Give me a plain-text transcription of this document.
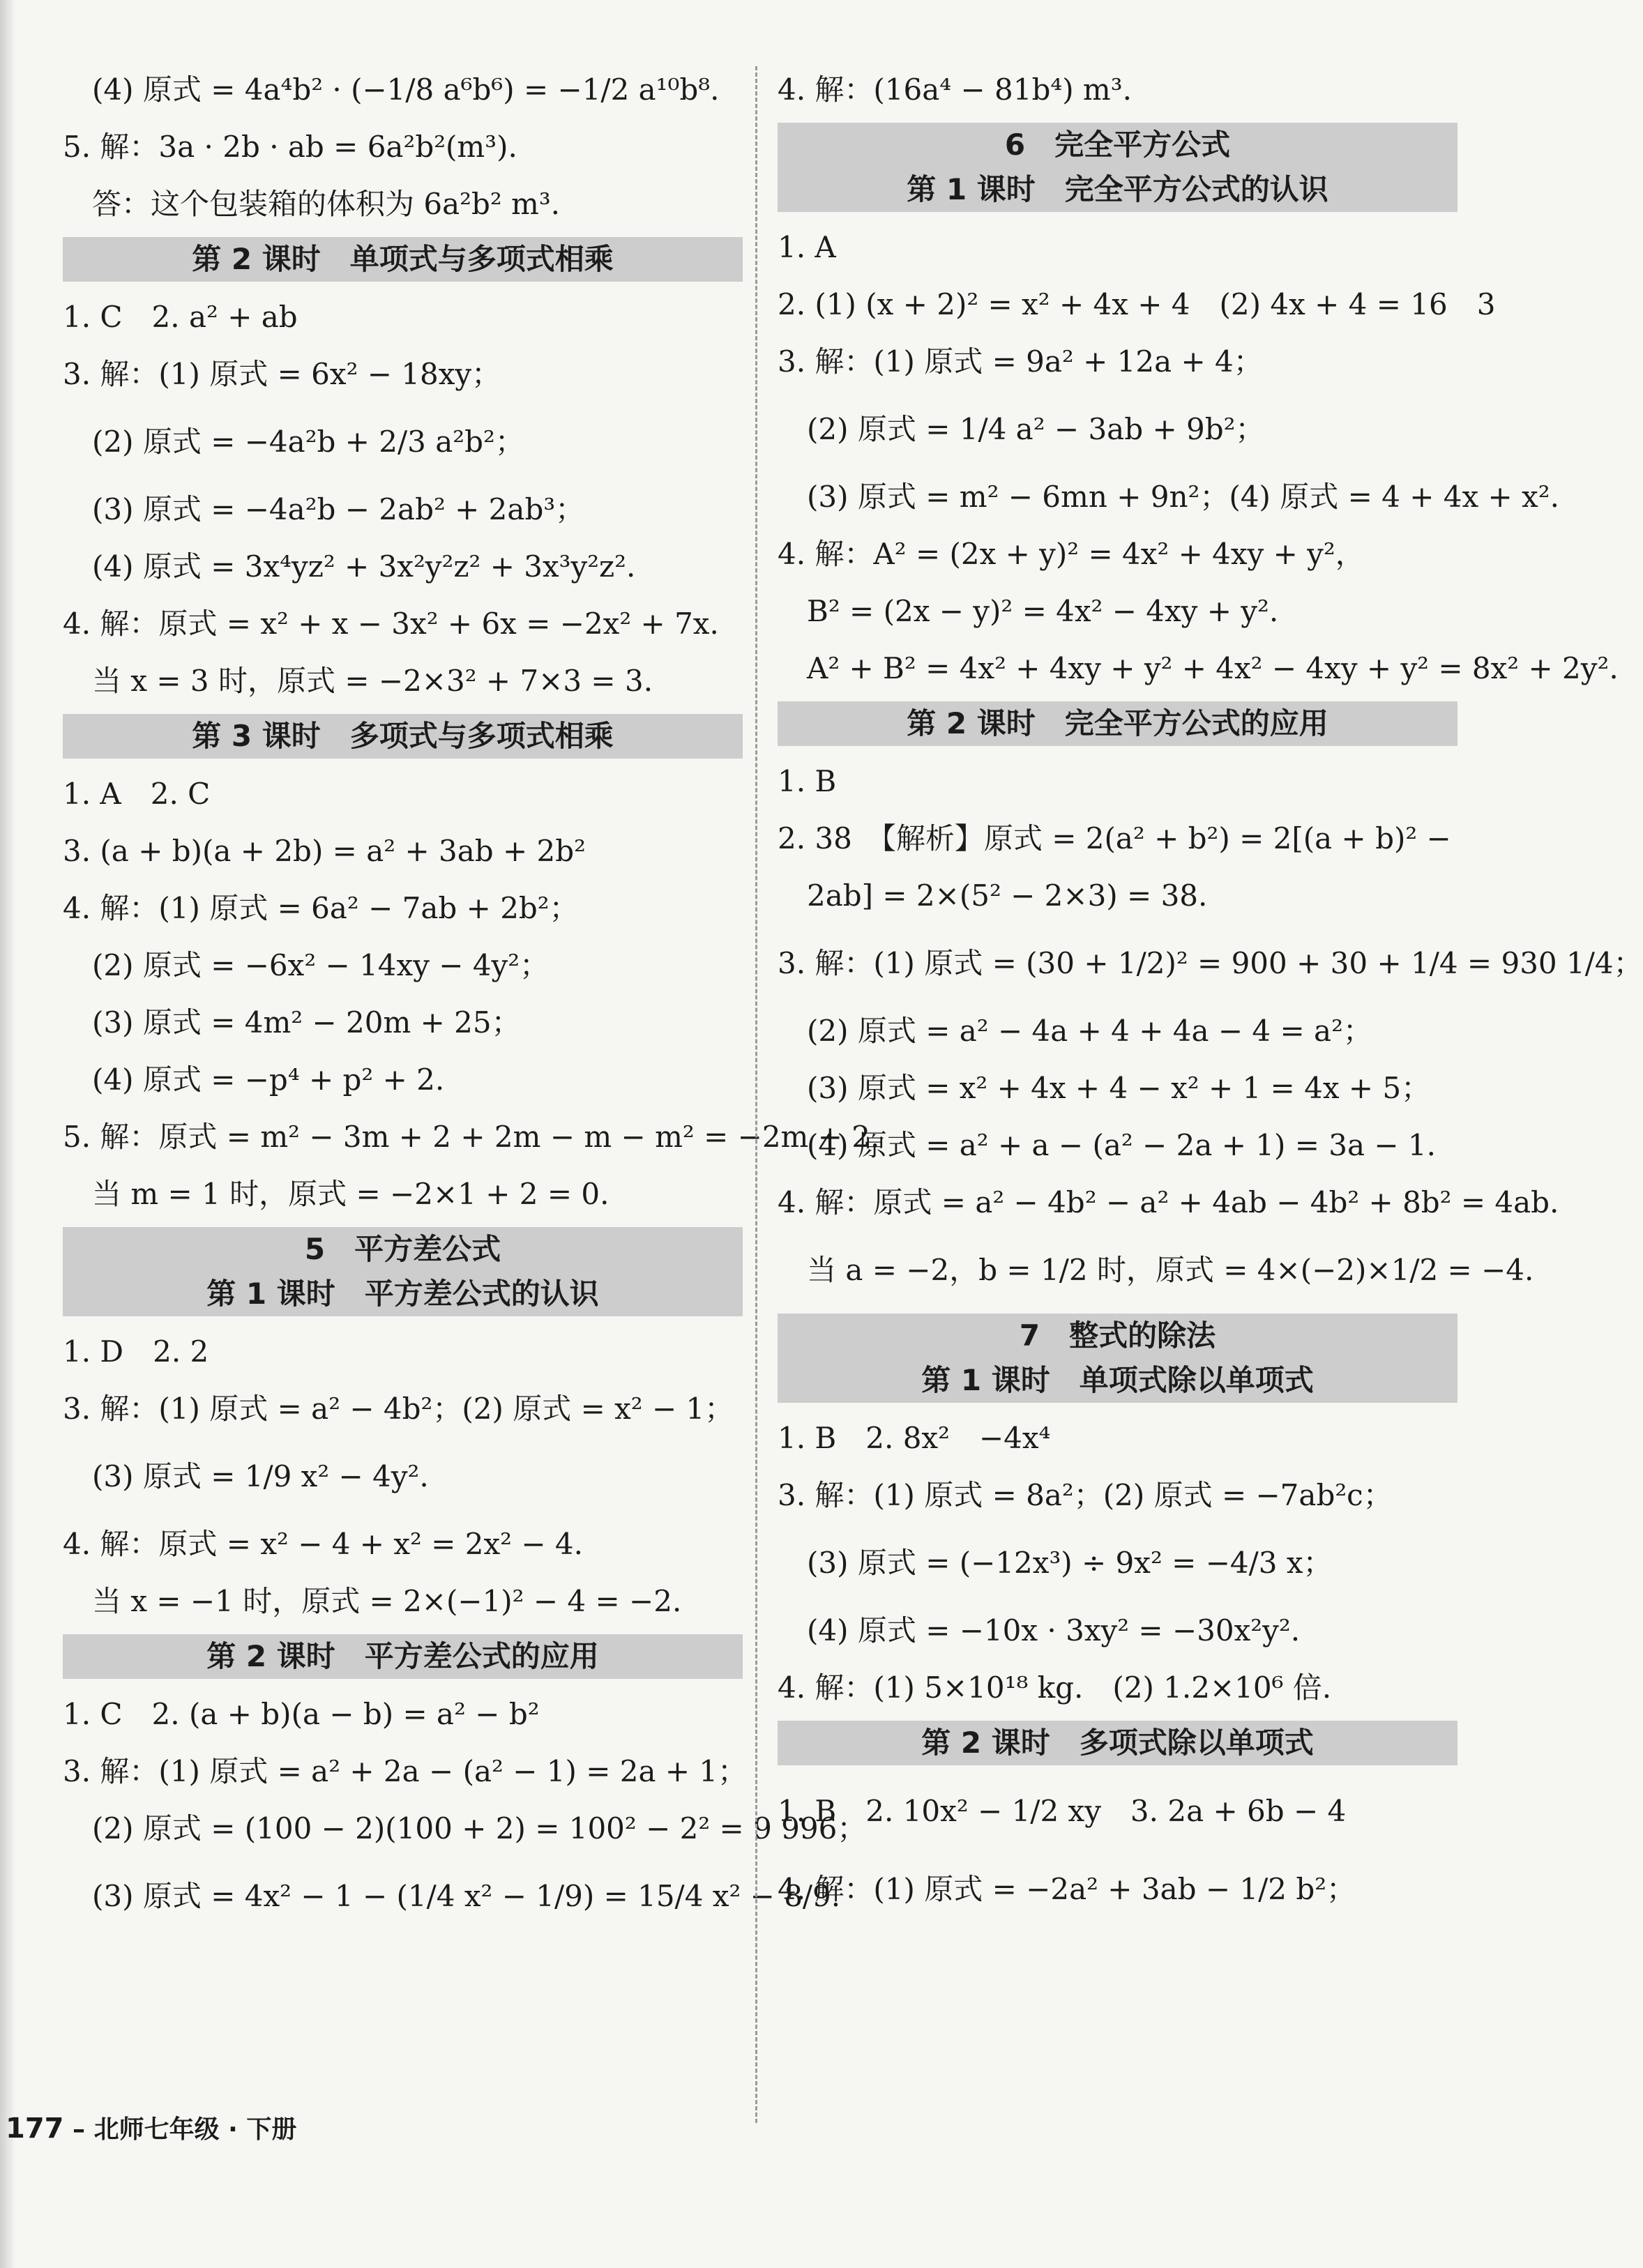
(4) 原式 = 4a⁴b² · (−1/8 a⁶b⁶) = −1/2 a¹⁰b⁸.
5. 解：3a · 2b · ab = 6a²b²(m³).
答：这个包装箱的体积为 6a²b² m³.
第 2 课时　单项式与多项式相乘
1. C　2. a² + ab
3. 解：(1) 原式 = 6x² − 18xy；
(2) 原式 = −4a²b + 2/3 a²b²；
(3) 原式 = −4a²b − 2ab² + 2ab³；
(4) 原式 = 3x⁴yz² + 3x²y²z² + 3x³y²z².
4. 解：原式 = x² + x − 3x² + 6x = −2x² + 7x.
当 x = 3 时，原式 = −2×3² + 7×3 = 3.
第 3 课时　多项式与多项式相乘
1. A　2. C
3. (a + b)(a + 2b) = a² + 3ab + 2b²
4. 解：(1) 原式 = 6a² − 7ab + 2b²；
(2) 原式 = −6x² − 14xy − 4y²；
(3) 原式 = 4m² − 20m + 25；
(4) 原式 = −p⁴ + p² + 2.
5. 解：原式 = m² − 3m + 2 + 2m − m − m² = −2m + 2.
当 m = 1 时，原式 = −2×1 + 2 = 0.
5　平方差公式
第 1 课时　平方差公式的认识
1. D　2. 2
3. 解：(1) 原式 = a² − 4b²；(2) 原式 = x² − 1；
(3) 原式 = 1/9 x² − 4y².
4. 解：原式 = x² − 4 + x² = 2x² − 4.
当 x = −1 时，原式 = 2×(−1)² − 4 = −2.
第 2 课时　平方差公式的应用
1. C　2. (a + b)(a − b) = a² − b²
3. 解：(1) 原式 = a² + 2a − (a² − 1) = 2a + 1；
(2) 原式 = (100 − 2)(100 + 2) = 100² − 2² = 9 996；
(3) 原式 = 4x² − 1 − (1/4 x² − 1/9) = 15/4 x² − 8/9.
4. 解：(16a⁴ − 81b⁴) m³.
6　完全平方公式
第 1 课时　完全平方公式的认识
1. A
2. (1) (x + 2)² = x² + 4x + 4　(2) 4x + 4 = 16　3
3. 解：(1) 原式 = 9a² + 12a + 4；
(2) 原式 = 1/4 a² − 3ab + 9b²；
(3) 原式 = m² − 6mn + 9n²；(4) 原式 = 4 + 4x + x².
4. 解：A² = (2x + y)² = 4x² + 4xy + y²，
B² = (2x − y)² = 4x² − 4xy + y².
A² + B² = 4x² + 4xy + y² + 4x² − 4xy + y² = 8x² + 2y².
第 2 课时　完全平方公式的应用
1. B
2. 38　【解析】原式 = 2(a² + b²) = 2[(a + b)² −
2ab] = 2×(5² − 2×3) = 38.
3. 解：(1) 原式 = (30 + 1/2)² = 900 + 30 + 1/4 = 930 1/4；
(2) 原式 = a² − 4a + 4 + 4a − 4 = a²；
(3) 原式 = x² + 4x + 4 − x² + 1 = 4x + 5；
(4) 原式 = a² + a − (a² − 2a + 1) = 3a − 1.
4. 解：原式 = a² − 4b² − a² + 4ab − 4b² + 8b² = 4ab.
当 a = −2，b = 1/2 时，原式 = 4×(−2)×1/2 = −4.
7　整式的除法
第 1 课时　单项式除以单项式
1. B　2. 8x²　−4x⁴
3. 解：(1) 原式 = 8a²；(2) 原式 = −7ab²c；
(3) 原式 = (−12x³) ÷ 9x² = −4/3 x；
(4) 原式 = −10x · 3xy² = −30x²y².
4. 解：(1) 5×10¹⁸ kg.　(2) 1.2×10⁶ 倍.
第 2 课时　多项式除以单项式
1. B　2. 10x² − 1/2 xy　3. 2a + 6b − 4
4. 解：(1) 原式 = −2a² + 3ab − 1/2 b²；
177 – 北师七年级 · 下册
